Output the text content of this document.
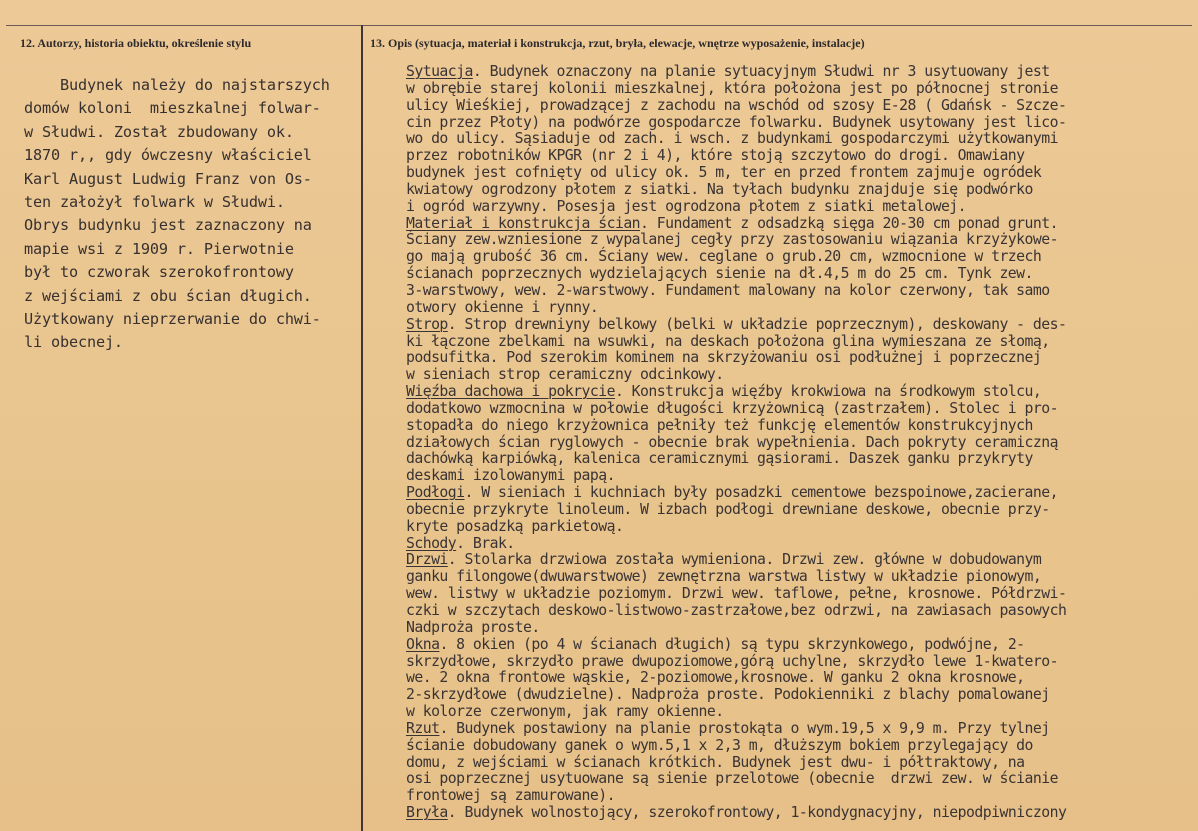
12. Autorzy, historia obiektu, określenie stylu	13. Opis (sytuacja, materiał i konstrukcja, rzut, bryła, elewacje, wnętrze wyposażenie, instalacje)
Budynek należy do najstarszych
domów koloni  mieszkalnej folwar-
w Słudwi. Został zbudowany ok.
1870 r,, gdy ówczesny właściciel
Karl August Ludwig Franz von Os-
ten założył folwark w Słudwi.
Obrys budynku jest zaznaczony na
mapie wsi z 1909 r. Pierwotnie
był to czworak szerokofrontowy
z wejściami z obu ścian długich.
Użytkowany nieprzerwanie do chwi-
li obecnej.
Sytuacja. Budynek oznaczony na planie sytuacyjnym Słudwi nr 3 usytuowany jest
w obrębie starej kolonii mieszkalnej, która położona jest po północnej stronie
ulicy Wieśkiej, prowadzącej z zachodu na wschód od szosy E-28 ( Gdańsk - Szcze-
cin przez Płoty) na podwórze gospodarcze folwarku. Budynek usytowany jest lico-
wo do ulicy. Sąsiaduje od zach. i wsch. z budynkami gospodarczymi użytkowanymi
przez robotników KPGR (nr 2 i 4), które stoją szczytowo do drogi. Omawiany
budynek jest cofnięty od ulicy ok. 5 m, ter en przed frontem zajmuje ogródek
kwiatowy ogrodzony płotem z siatki. Na tyłach budynku znajduje się podwórko
i ogród warzywny. Posesja jest ogrodzona płotem z siatki metalowej.
Materiał i konstrukcja ścian. Fundament z odsadzką sięga 20-30 cm ponad grunt.
Ściany zew.wzniesione z wypalanej cegły przy zastosowaniu wiązania krzyżykowe-
go mają grubość 36 cm. Ściany wew. ceglane o grub.20 cm, wzmocnione w trzech
ścianach poprzecznych wydzielających sienie na dł.4,5 m do 25 cm. Tynk zew.
3-warstwowy, wew. 2-warstwowy. Fundament malowany na kolor czerwony, tak samo
otwory okienne i rynny.
Strop. Strop drewniyny belkowy (belki w układzie poprzecznym), deskowany - des-
ki łączone zbelkami na wsuwki, na deskach położona glina wymieszana ze słomą,
podsufitka. Pod szerokim kominem na skrzyżowaniu osi podłużnej i poprzecznej
w sieniach strop ceramiczny odcinkowy.
Więźba dachowa i pokrycie. Konstrukcja więźby krokwiowa na środkowym stolcu,
dodatkowo wzmocnina w połowie długości krzyżownicą (zastrzałem). Stolec i pro-
stopadła do niego krzyżownica pełniły też funkcję elementów konstrukcyjnych
działowych ścian ryglowych - obecnie brak wypełnienia. Dach pokryty ceramiczną
dachówką karpiówką, kalenica ceramicznymi gąsiorami. Daszek ganku przykryty
deskami izolowanymi papą.
Podłogi. W sieniach i kuchniach były posadzki cementowe bezspoinowe,zacierane,
obecnie przykryte linoleum. W izbach podłogi drewniane deskowe, obecnie przy-
kryte posadzką parkietową.
Schody. Brak.
Drzwi. Stolarka drzwiowa została wymieniona. Drzwi zew. główne w dobudowanym
ganku filongowe(dwuwarstwowe) zewnętrzna warstwa listwy w układzie pionowym,
wew. listwy w układzie poziomym. Drzwi wew. taflowe, pełne, krosnowe. Półdrzwi-
czki w szczytach deskowo-listwowo-zastrzałowe,bez odrzwi, na zawiasach pasowych
Nadproża proste.
Okna. 8 okien (po 4 w ścianach długich) są typu skrzynkowego, podwójne, 2-
skrzydłowe, skrzydło prawe dwupoziomowe,górą uchylne, skrzydło lewe 1-kwatero-
we. 2 okna frontowe wąskie, 2-poziomowe,krosnowe. W ganku 2 okna krosnowe,
2-skrzydłowe (dwudzielne). Nadproża proste. Podokienniki z blachy pomalowanej
w kolorze czerwonym, jak ramy okienne.
Rzut. Budynek postawiony na planie prostokąta o wym.19,5 x 9,9 m. Przy tylnej
ścianie dobudowany ganek o wym.5,1 x 2,3 m, dłuższym bokiem przylegający do
domu, z wejściami w ścianach krótkich. Budynek jest dwu- i półtraktowy, na
osi poprzecznej usytuowane są sienie przelotowe (obecnie  drzwi zew. w ścianie
frontowej są zamurowane).
Bryła. Budynek wolnostojący, szerokofrontowy, 1-kondygnacyjny, niepodpiwniczony
